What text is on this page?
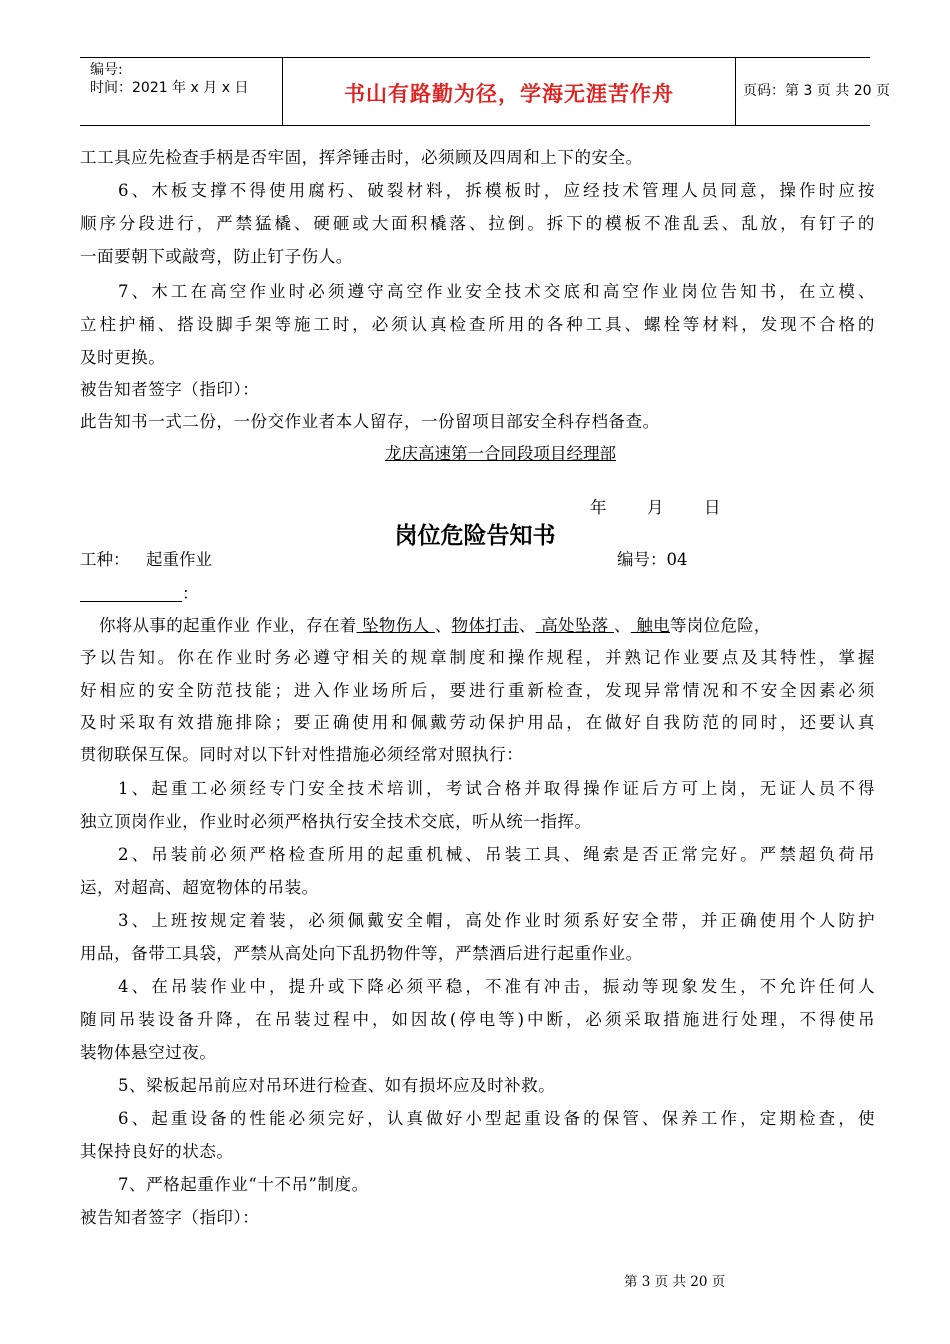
编号:
时间：2021 年 x 月 x 日	书山有路勤为径，学海无涯苦作舟	页码：第 3 页 共 20 页
工工具应先检查手柄是否牢固，挥斧锤击时，必须顾及四周和上下的安全。
6、木板支撑不得使用腐朽、破裂材料，拆模板时，应经技术管理人员同意，操作时应按
顺序分段进行，严禁猛橇、硬砸或大面积橇落、拉倒。拆下的模板不准乱丢、乱放，有钉子的
一面要朝下或敲弯，防止钉子伤人。
7、木工在高空作业时必须遵守高空作业安全技术交底和高空作业岗位告知书，在立模、
立柱护桶、搭设脚手架等施工时，必须认真检查所用的各种工具、螺栓等材料，发现不合格的
及时更换。
被告知者签字（指印）：
此告知书一式二份，一份交作业者本人留存，一份留项目部安全科存档备查。
龙庆高速第一合同段项目经理部
年 月 日
岗位危险告知书
工种： 起重作业	编号：04
：
你将从事的起重作业 作业，存在着 坠物伤人 、物体打击、 高处坠落 、 触电等岗位危险，
予以告知。你在作业时务必遵守相关的规章制度和操作规程，并熟记作业要点及其特性，掌握
好相应的安全防范技能；进入作业场所后，要进行重新检查，发现异常情况和不安全因素必须
及时采取有效措施排除；要正确使用和佩戴劳动保护用品，在做好自我防范的同时，还要认真
贯彻联保互保。同时对以下针对性措施必须经常对照执行：
1、起重工必须经专门安全技术培训，考试合格并取得操作证后方可上岗，无证人员不得
独立顶岗作业，作业时必须严格执行安全技术交底，听从统一指挥。
2、吊装前必须严格检查所用的起重机械、吊装工具、绳索是否正常完好。严禁超负荷吊
运，对超高、超宽物体的吊装。
3、上班按规定着装，必须佩戴安全帽，高处作业时须系好安全带，并正确使用个人防护
用品，备带工具袋，严禁从高处向下乱扔物件等，严禁酒后进行起重作业。
4、在吊装作业中，提升或下降必须平稳，不准有冲击，振动等现象发生，不允许任何人
随同吊装设备升降，在吊装过程中，如因故(停电等)中断，必须采取措施进行处理，不得使吊
装物体悬空过夜。
5、梁板起吊前应对吊环进行检查、如有损坏应及时补救。
6、起重设备的性能必须完好，认真做好小型起重设备的保管、保养工作，定期检查，使
其保持良好的状态。
7、严格起重作业“十不吊”制度。
被告知者签字（指印）：
第 3 页 共 20 页
